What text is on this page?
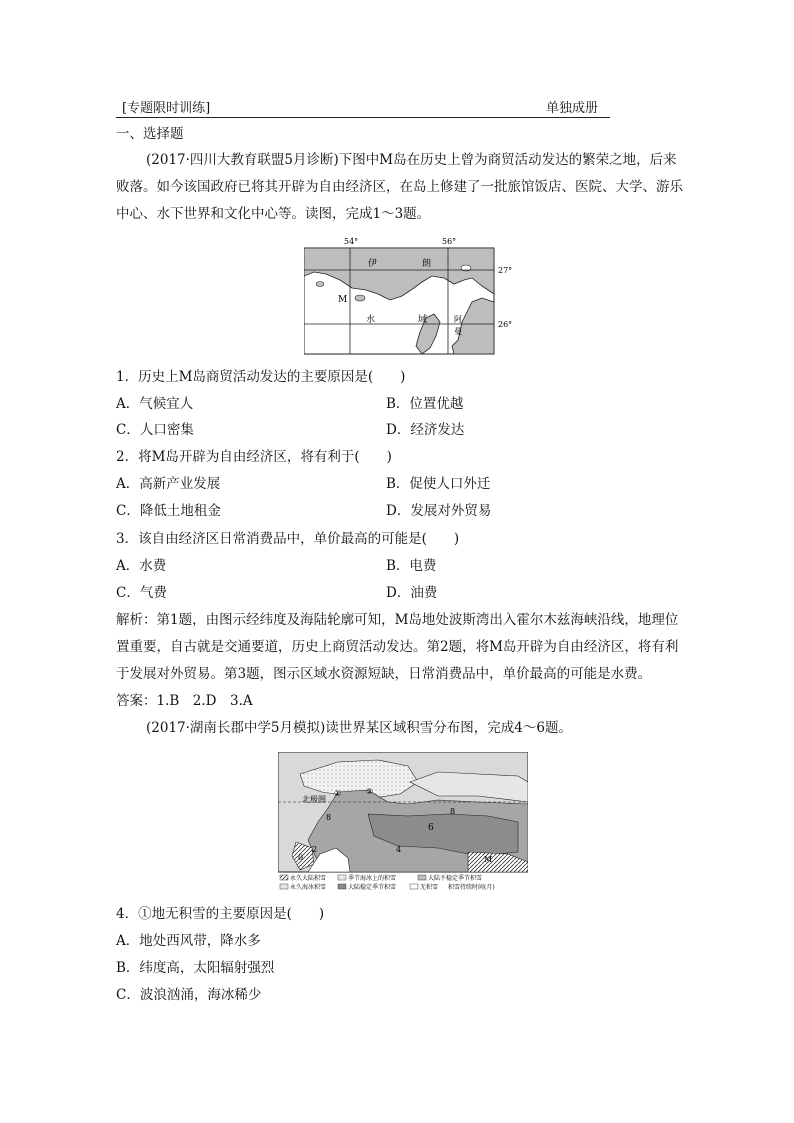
[专题限时训练]	单独成册
一、选择题
(2017·四川大教育联盟5月诊断)下图中M岛在历史上曾为商贸活动发达的繁荣之地，后来
败落。如今该国政府已将其开辟为自由经济区，在岛上修建了一批旅馆饭店、医院、大学、游乐
中心、水下世界和文化中心等。读图，完成1～3题。
54°	56°
27°
26°
伊	朗
M
水	域	阿
曼
1．历史上M岛商贸活动发达的主要原因是(　　)
A．气候宜人	B．位置优越
C．人口密集	D．经济发达
2．将M岛开辟为自由经济区，将有利于(　　)
A．高新产业发展	B．促使人口外迁
C．降低土地租金	D．发展对外贸易
3．该自由经济区日常消费品中，单价最高的可能是(　　)
A．水费	B．电费
C．气费	D．油费
解析：第1题，由图示经纬度及海陆轮廓可知，M岛地处波斯湾出入霍尔木兹海峡沿线，地理位
置重要，自古就是交通要道，历史上商贸活动发达。第2题，将M岛开辟为自由经济区，将有利
于发展对外贸易。第3题，图示区域水资源短缺，日常消费品中，单价最高的可能是水费。
答案：1.B　2.D　3.A
(2017·湖南长郡中学5月模拟)读世界某区域积雪分布图，完成4～6题。
北极圈
①	②
8
6
4
0
2
8
M
永久大陆积雪	季节海冰上的积雪	大陆不稳定季节积雪
永久海冰积雪	大陆稳定季节积雪	无积雪 积雪持续时间(月)
4．①地无积雪的主要原因是(　　)
A．地处西风带，降水多
B．纬度高，太阳辐射强烈
C．波浪汹涌，海冰稀少
